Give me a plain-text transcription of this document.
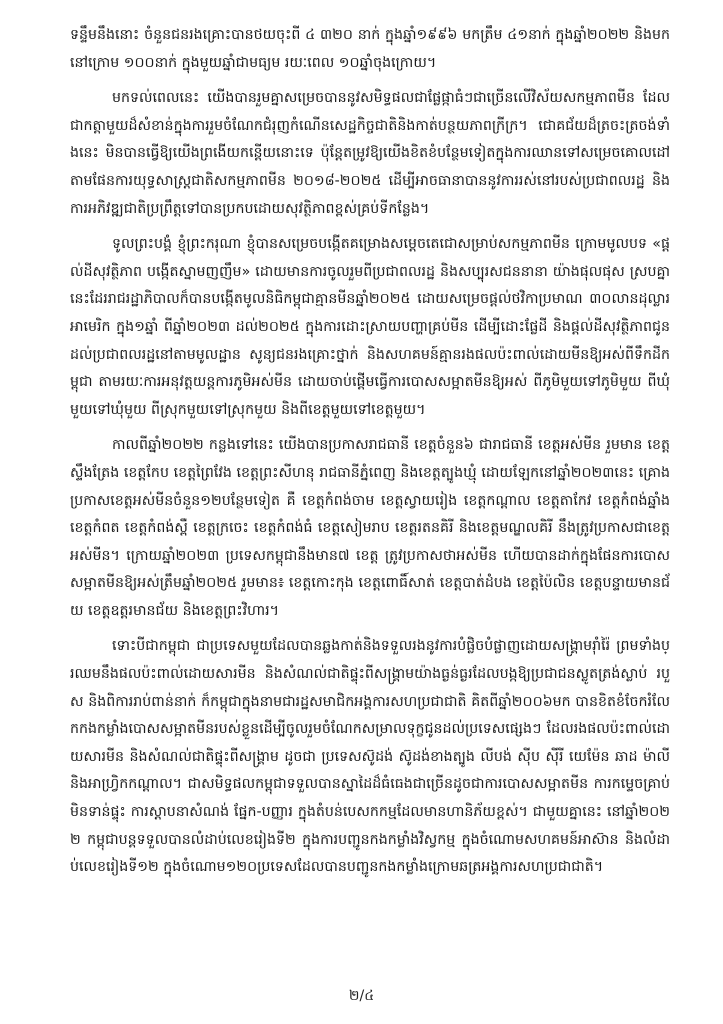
ទន្ទឹមនឹងនោះ ចំនួនជនរងគ្រោះបានថយចុះពី ៤ ៣២០ នាក់ ក្នុងឆ្នាំ១៩៩៦ មកត្រឹម ៤១នាក់ ក្នុងឆ្នាំ២០២២ និងមកនៅក្រោម ១០០នាក់ ក្នុងមួយឆ្នាំជាមធ្យម រយៈពេល ១០ឆ្នាំចុងក្រោយ។

មកទល់ពេលនេះ យើងបានរួមគ្នាសម្រេចបាននូវសមិទ្ធផលជាផ្លែផ្កាធំៗជាច្រើនលើវិស័យសកម្មភាពមីន ដែលជាកត្តាមួយដ៏សំខាន់ក្នុងការរួមចំណែកជំរុញកំណើនសេដ្ឋកិច្ចជាតិនិងកាត់បន្ថយភាពក្រីក្រ។ ជោគជ័យដ៏ត្រចះត្រចង់ទាំងនេះ មិនបានធ្វើឱ្យយើងព្រងើយកន្តើយនោះទេ ប៉ុន្តែតម្រូវឱ្យយើងខិតខំបន្ថែមទៀតក្នុងការឈានទៅសម្រេចគោលដៅតាមផែនការយុទ្ធសាស្ត្រជាតិសកម្មភាពមីន ២០១៨-២០២៥ ដើម្បីអាចធានាបាននូវការរស់នៅរបស់ប្រជាពលរដ្ឋ និងការអភិវឌ្ឍជាតិប្រព្រឹត្តទៅបានប្រកបដោយសុវត្ថិភាពខ្ពស់គ្រប់ទីកន្លែង។

ទូលព្រះបង្គំ ខ្ញុំព្រះករុណា ខ្ញុំបានសម្រេចបង្កើតគម្រោងសម្តេចតេជោសម្រាប់សកម្មភាពមីន ក្រោមមូលបទ «ផ្តល់ដីសុវត្ថិភាព បង្កើតស្នាមញញឹម» ដោយមានការចូលរួមពីប្រជាពលរដ្ឋ និងសប្បុរសជននានា យ៉ាងផុលផុស ស្របគ្នានេះដែររាជរដ្ឋាភិបាលក៏បានបង្កើតមូលនិធិកម្ពុជាគ្មានមីនឆ្នាំ២០២៥ ដោយសម្រេចផ្តល់ថវិកាប្រមាណ ៣០លានដុល្លារអាមេរិក ក្នុង១ឆ្នាំ ពីឆ្នាំ២០២៣ ដល់២០២៥ ក្នុងការដោះស្រាយបញ្ហាគ្រប់មីន ដើម្បីដោះផ្លែដី និងផ្តល់ដីសុវត្ថិភាពជូនដល់ប្រជាពលរដ្ឋនៅតាមមូលដ្ឋាន សូន្យជនរងគ្រោះថ្នាក់ និងសហគមន៍គ្មានរងផលប៉ះពាល់ដោយមីនឱ្យអស់ពីទឹកដីកម្ពុជា តាមរយៈការអនុវត្តយន្តការភូមិអស់មីន ដោយចាប់ផ្តើមធ្វើការបោសសម្អាតមីនឱ្យអស់ ពីភូមិមួយទៅភូមិមួយ ពីឃុំមួយទៅឃុំមួយ ពីស្រុកមួយទៅស្រុកមួយ និងពីខេត្តមួយទៅខេត្តមួយ។

កាលពីឆ្នាំ២០២២ កន្លងទៅនេះ យើងបានប្រកាសរាជធានី ខេត្តចំនួន៦ ជារាជធានី ខេត្តអស់មីន រួមមាន ខេត្តស្ទឹងត្រែង ខេត្តកែប ខេត្តព្រៃវែង ខេត្តព្រះសីហនុ រាជធានីភ្នំពេញ និងខេត្តត្បូងឃ្មុំ ដោយឡែកនៅឆ្នាំ២០២៣នេះ គ្រោងប្រកាសខេត្តអស់មីនចំនួន១២បន្ថែមទៀត គឺ ខេត្តកំពង់ចាម ខេត្តស្វាយរៀង ខេត្តកណ្តាល ខេត្តតាកែវ ខេត្តកំពង់ឆ្នាំង ខេត្តកំពត ខេត្តកំពង់ស្ពឺ ខេត្តក្រចេះ ខេត្តកំពង់ធំ ខេត្តសៀមរាប ខេត្តរតនគិរី និងខេត្តមណ្ឌលគិរី នឹងត្រូវប្រកាសជាខេត្តអស់មីន។ ក្រោយឆ្នាំ២០២៣ ប្រទេសកម្ពុជានឹងមាន៧ ខេត្ត ត្រូវប្រកាសថាអស់មីន ហើយបានដាក់ក្នុងផែនការបោសសម្អាតមីនឱ្យអស់ត្រឹមឆ្នាំ២០២៥ រួមមាន៖ ខេត្តកោះកុង ខេត្តពោធិ៍សាត់ ខេត្តបាត់ដំបង ខេត្តប៉ៃលិន ខេត្តបន្ទាយមានជ័យ ខេត្តឧត្តរមានជ័យ និងខេត្តព្រះវិហារ។

ទោះបីជាកម្ពុជា ជាប្រទេសមួយដែលបានឆ្លងកាត់និងទទួលរងនូវការបំផ្លិចបំផ្លាញដោយសង្គ្រាមរ៉ាំរ៉ៃ ព្រមទាំងប្រឈមនឹងផលប៉ះពាល់ដោយសារមីន និងសំណល់ជាតិផ្ទុះពីសង្គ្រាមយ៉ាងធ្ងន់ធ្ងរដែលបង្កឱ្យប្រជាជនស្លូតត្រង់ស្លាប់ របួស និងពិការរាប់ពាន់នាក់ ក៏កម្ពុជាក្នុងនាមជារដ្ឋសមាជិកអង្គការសហប្រជាជាតិ គិតពីឆ្នាំ២០០៦មក បានខិតខំចែករំលែកកងកម្លាំងបោសសម្អាតមីនរបស់ខ្លួនដើម្បីចូលរួមចំណែកសម្រាលទុក្ខជូនដល់ប្រទេសផ្សេងៗ ដែលរងផលប៉ះពាល់ដោយសារមីន និងសំណល់ជាតិផ្ទុះពីសង្គ្រាម ដូចជា ប្រទេសស៊ូដង់ ស៊ូដង់ខាងត្បូង លីបង់ ស៊ីប ស៊ីរី យេម៉ែន ឆាដ ម៉ាលី និងអាហ្វ្រិកកណ្តាល។ ជាសមិទ្ធផលកម្ពុជាទទួលបានស្នាដៃដ៏ធំធេងជាច្រើនដូចជាការបោសសម្អាតមីន ការកម្ទេចគ្រាប់មិនទាន់ផ្ទុះ ការស្តាបនាសំណង់ ផ្នែក-បញ្ញារ ក្នុងតំបន់បេសកកម្មដែលមានហានិភ័យខ្ពស់។ ជាមួយគ្នានេះ នៅឆ្នាំ២០២២ កម្ពុជាបន្តទទួលបានលំដាប់លេខរៀងទី២ ក្នុងការបញ្ជូនកងកម្លាំងវិស្វកម្ម ក្នុងចំណោមសហគមន៍អាស៊ាន និងលំដាប់លេខរៀងទី១២ ក្នុងចំណោម១២០ប្រទេសដែលបានបញ្ជូនកងកម្លាំងក្រោមឆត្រអង្គការសហប្រជាជាតិ។

២/៤
